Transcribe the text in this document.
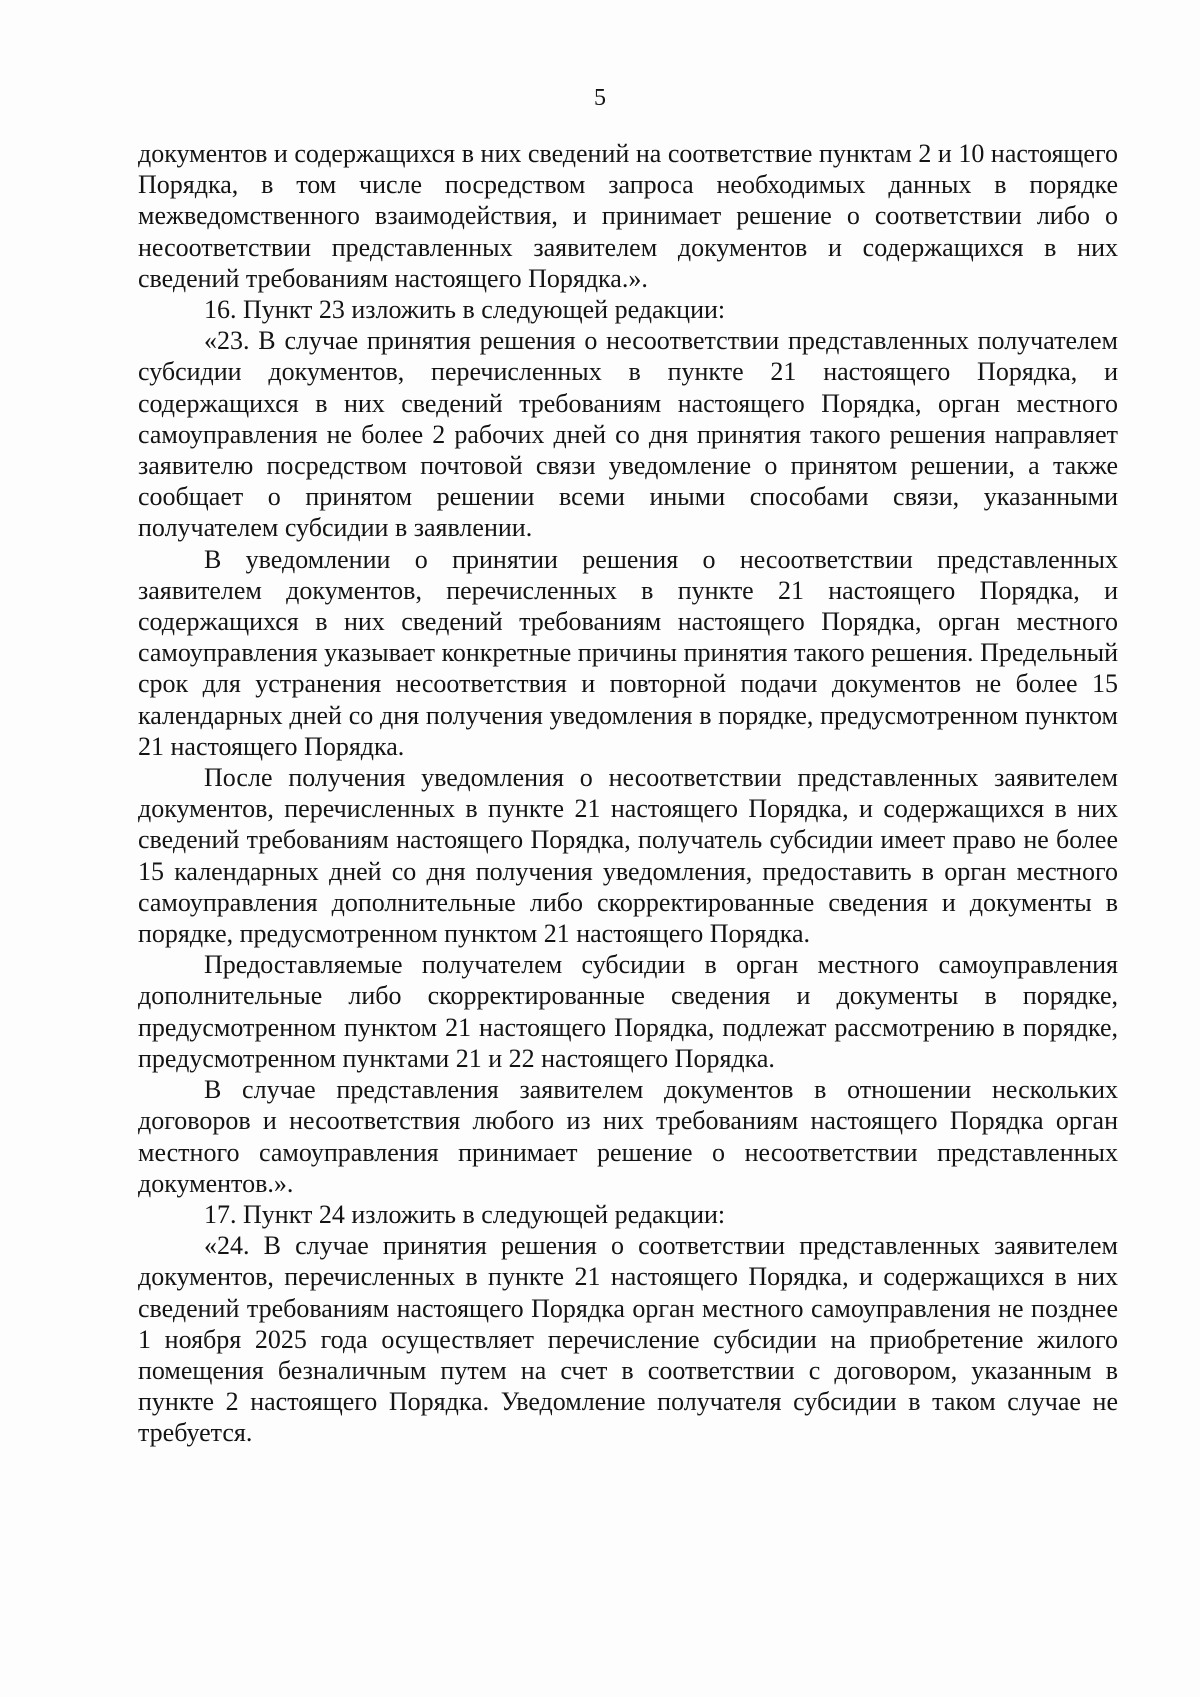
5

документов и содержащихся в них сведений на соответствие пунктам 2 и 10 настоящего Порядка, в том числе посредством запроса необходимых данных в порядке межведомственного взаимодействия, и принимает решение о соответствии либо о несоответствии представленных заявителем документов и содержащихся в них сведений требованиям настоящего Порядка.».

16. Пункт 23 изложить в следующей редакции:

«23. В случае принятия решения о несоответствии представленных получателем субсидии документов, перечисленных в пункте 21 настоящего Порядка, и содержащихся в них сведений требованиям настоящего Порядка, орган местного самоуправления не более 2 рабочих дней со дня принятия такого решения направляет заявителю посредством почтовой связи уведомление о принятом решении, а также сообщает о принятом решении всеми иными способами связи, указанными получателем субсидии в заявлении.

В уведомлении о принятии решения о несоответствии представленных заявителем документов, перечисленных в пункте 21 настоящего Порядка, и содержащихся в них сведений требованиям настоящего Порядка, орган местного самоуправления указывает конкретные причины принятия такого решения. Предельный срок для устранения несоответствия и повторной подачи документов не более 15 календарных дней со дня получения уведомления в порядке, предусмотренном пунктом 21 настоящего Порядка.

После получения уведомления о несоответствии представленных заявителем документов, перечисленных в пункте 21 настоящего Порядка, и содержащихся в них сведений требованиям настоящего Порядка, получатель субсидии имеет право не более 15 календарных дней со дня получения уведомления, предоставить в орган местного самоуправления дополнительные либо скорректированные сведения и документы в порядке, предусмотренном пунктом 21 настоящего Порядка.

Предоставляемые получателем субсидии в орган местного самоуправления дополнительные либо скорректированные сведения и документы в порядке, предусмотренном пунктом 21 настоящего Порядка, подлежат рассмотрению в порядке, предусмотренном пунктами 21 и 22 настоящего Порядка.

В случае представления заявителем документов в отношении нескольких договоров и несоответствия любого из них требованиям настоящего Порядка орган местного самоуправления принимает решение о несоответствии представленных документов.».

17. Пункт 24 изложить в следующей редакции:

«24. В случае принятия решения о соответствии представленных заявителем документов, перечисленных в пункте 21 настоящего Порядка, и содержащихся в них сведений требованиям настоящего Порядка орган местного самоуправления не позднее 1 ноября 2025 года осуществляет перечисление субсидии на приобретение жилого помещения безналичным путем на счет в соответствии с договором, указанным в пункте 2 настоящего Порядка. Уведомление получателя субсидии в таком случае не требуется.
